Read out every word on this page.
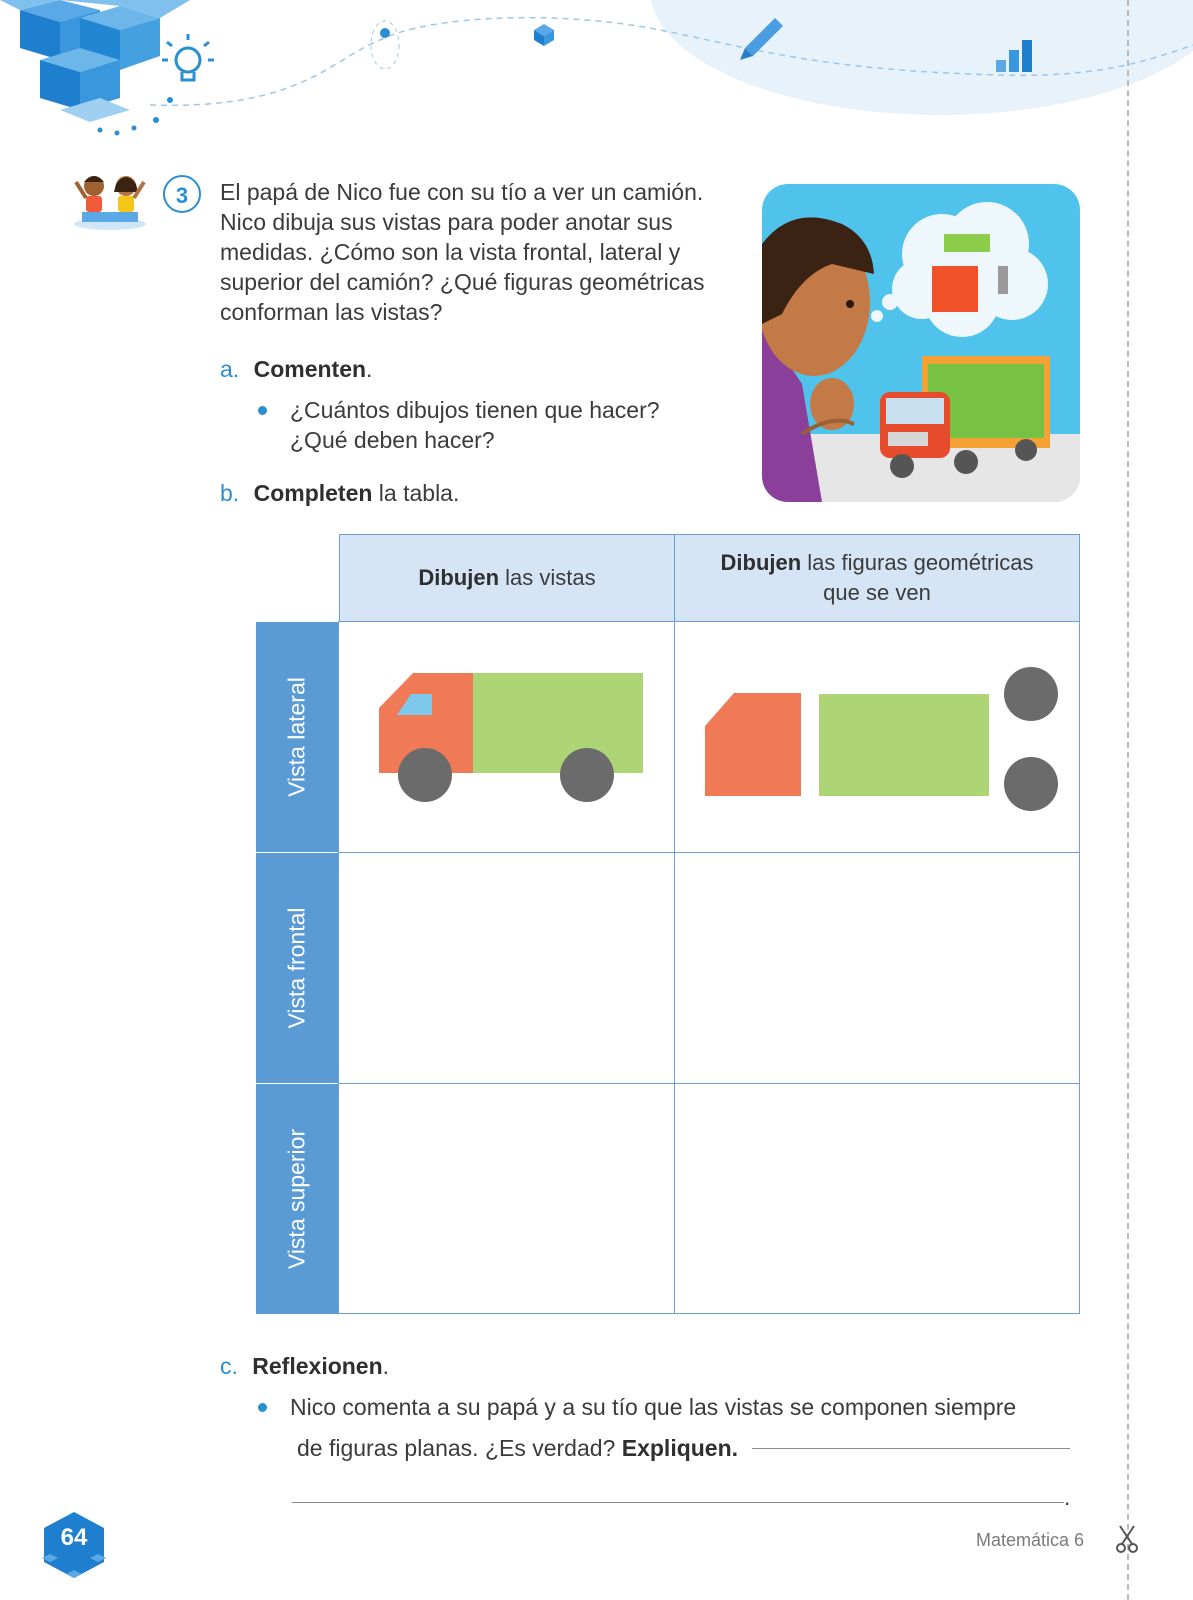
3	El papá de Nico fue con su tío a ver un camión.
Nico dibuja sus vistas para poder anotar sus
medidas. ¿Cómo son la vista frontal, lateral y
superior del camión? ¿Qué figuras geométricas
conforman las vistas?
a. Comenten.
¿Cuántos dibujos tienen que hacer?
¿Qué deben hacer?
b. Completen la tabla.
Dibujen las vistas
Dibujen las figuras geométricas
que se ven
Vista lateral
Vista frontal
Vista superior
c. Reflexionen.
Nico comenta a su papá y a su tío que las vistas se componen siempre
de figuras planas. ¿Es verdad? Expliquen.
.
64	Matemática 6
